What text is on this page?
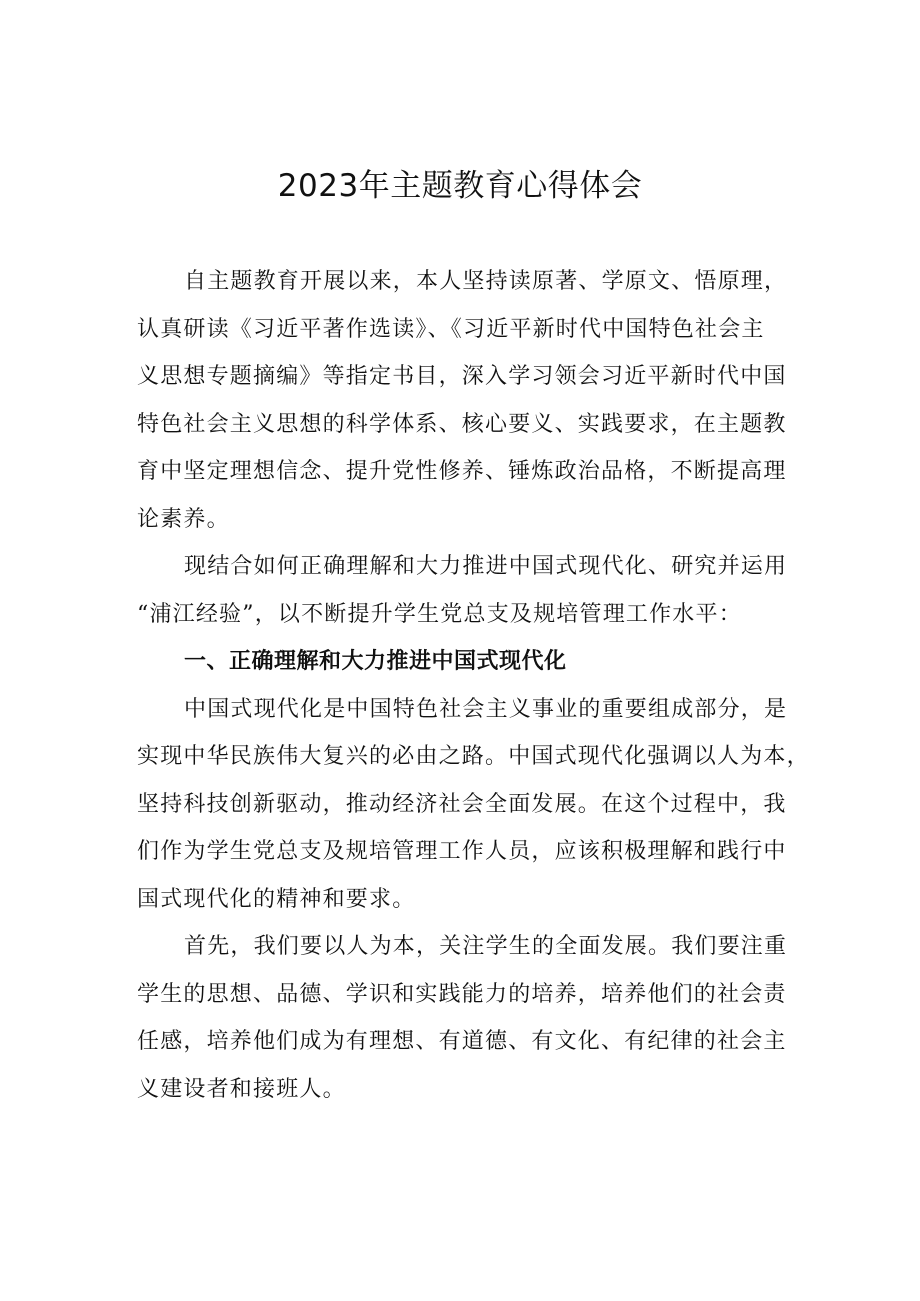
2023年主题教育心得体会
自主题教育开展以来，本人坚持读原著、学原文、悟原理，
认真研读《习近平著作选读》、《习近平新时代中国特色社会主
义思想专题摘编》等指定书目，深入学习领会习近平新时代中国
特色社会主义思想的科学体系、核心要义、实践要求，在主题教
育中坚定理想信念、提升党性修养、锤炼政治品格，不断提高理
论素养。
现结合如何正确理解和大力推进中国式现代化、研究并运用
“浦江经验”，以不断提升学生党总支及规培管理工作水平：
一、正确理解和大力推进中国式现代化
中国式现代化是中国特色社会主义事业的重要组成部分，是
实现中华民族伟大复兴的必由之路。中国式现代化强调以人为本，
坚持科技创新驱动，推动经济社会全面发展。在这个过程中，我
们作为学生党总支及规培管理工作人员，应该积极理解和践行中
国式现代化的精神和要求。
首先，我们要以人为本，关注学生的全面发展。我们要注重
学生的思想、品德、学识和实践能力的培养，培养他们的社会责
任感，培养他们成为有理想、有道德、有文化、有纪律的社会主
义建设者和接班人。
